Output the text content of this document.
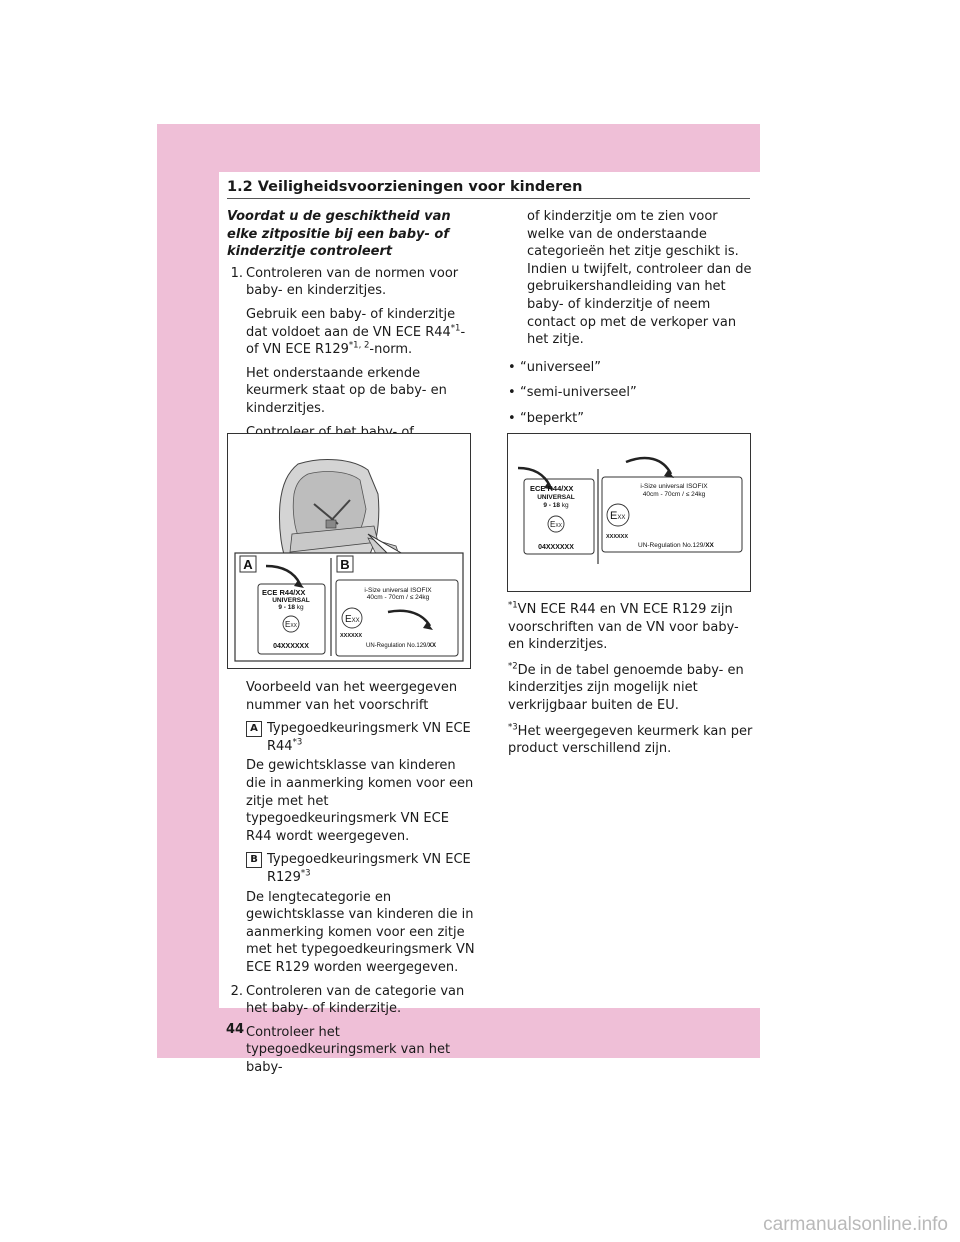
1.2 Veiligheidsvoorzieningen voor kinderen

Voordat u de geschiktheid van elke zitpositie bij een baby- of kinderzitje controleert

1. Controleren van de normen voor baby- en kinderzitjes.

Gebruik een baby- of kinderzitje dat voldoet aan de VN ECE R44$^{*1}$- of VN ECE R129$^{*1, 2}$-norm.

Het onderstaande erkende keurmerk staat op de baby- en kinderzitjes.

A	B
ECE R44/XX
UNIVERSAL
9 - 18 kg
EXX
04XXXXXX
i-Size universal ISOFIX
40cm - 70cm / ≤ 24kg
EXX
XXXXXX
UN-Regulation No.129/XX

Voorbeeld van het weergegeven nummer van het voorschrift

A Typegoedkeuringsmerk VN ECE R44$^{*3}$

De gewichtsklasse van kinderen die in aanmerking komen voor een zitje met het typegoedkeuringsmerk VN ECE R44 wordt weergegeven.

B Typegoedkeuringsmerk VN ECE R129$^{*3}$

De lengtecategorie en gewichtsklasse van kinderen die in aanmerking komen voor een zitje met het typegoedkeuringsmerk VN ECE R129 worden weergegeven.

2. Controleren van de categorie van het baby- of kinderzitje.

Controleer het typegoedkeuringsmerk van het baby-

of kinderzitje om te zien voor welke van de onderstaande categorieën het zitje geschikt is. Indien u twijfelt, controleer dan de gebruikershandleiding van het baby- of kinderzitje of neem contact op met de verkoper van het zitje.

• “universeel”
• “semi-universeel”
• “beperkt”
ECE R44/XX
UNIVERSAL
9 - 18 kg
EXX
04XXXXXX
i-Size universal ISOFIX
40cm - 70cm / ≤ 24kg
EXX
XXXXXX
UN-Regulation No.129/XX

$^{*1}$VN ECE R44 en VN ECE R129 zijn voorschriften van de VN voor baby- en kinderzitjes.

$^{*2}$De in de tabel genoemde baby- en kinderzitjes zijn mogelijk niet verkrijgbaar buiten de EU.

$^{*3}$Het weergegeven keurmerk kan per product verschillend zijn.

44
carmanualsonline.info
